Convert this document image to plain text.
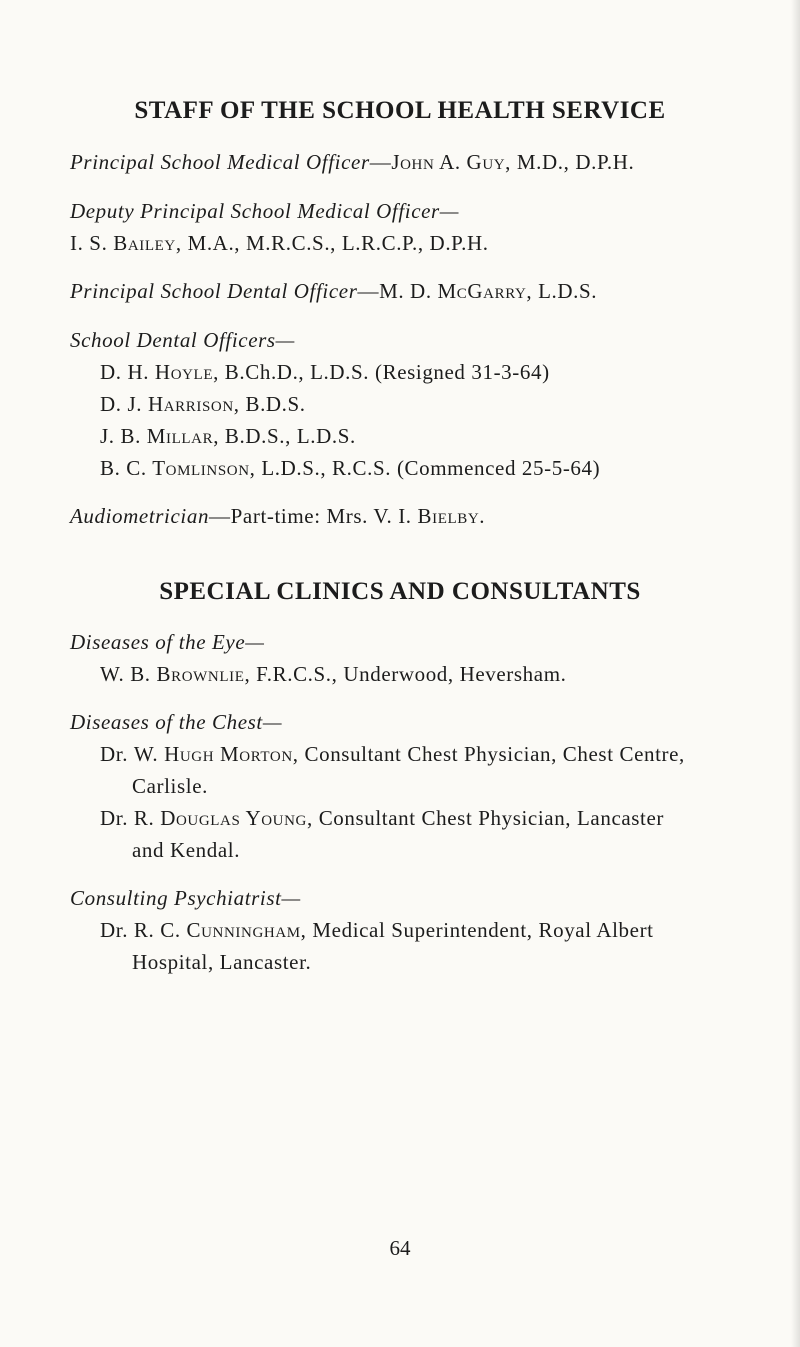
STAFF OF THE SCHOOL HEALTH SERVICE
Principal School Medical Officer—John A. Guy, M.D., D.P.H.
Deputy Principal School Medical Officer—
I. S. Bailey, M.A., M.R.C.S., L.R.C.P., D.P.H.
Principal School Dental Officer—M. D. McGarry, L.D.S.
School Dental Officers—
D. H. Hoyle, B.Ch.D., L.D.S. (Resigned 31-3-64)
D. J. Harrison, B.D.S.
J. B. Millar, B.D.S., L.D.S.
B. C. Tomlinson, L.D.S., R.C.S. (Commenced 25-5-64)
Audiometrician—Part-time: Mrs. V. I. Bielby.
SPECIAL CLINICS AND CONSULTANTS
Diseases of the Eye—
W. B. Brownlie, F.R.C.S., Underwood, Heversham.
Diseases of the Chest—
Dr. W. Hugh Morton, Consultant Chest Physician, Chest Centre,
Carlisle.
Dr. R. Douglas Young, Consultant Chest Physician, Lancaster
and Kendal.
Consulting Psychiatrist—
Dr. R. C. Cunningham, Medical Superintendent, Royal Albert
Hospital, Lancaster.
64
